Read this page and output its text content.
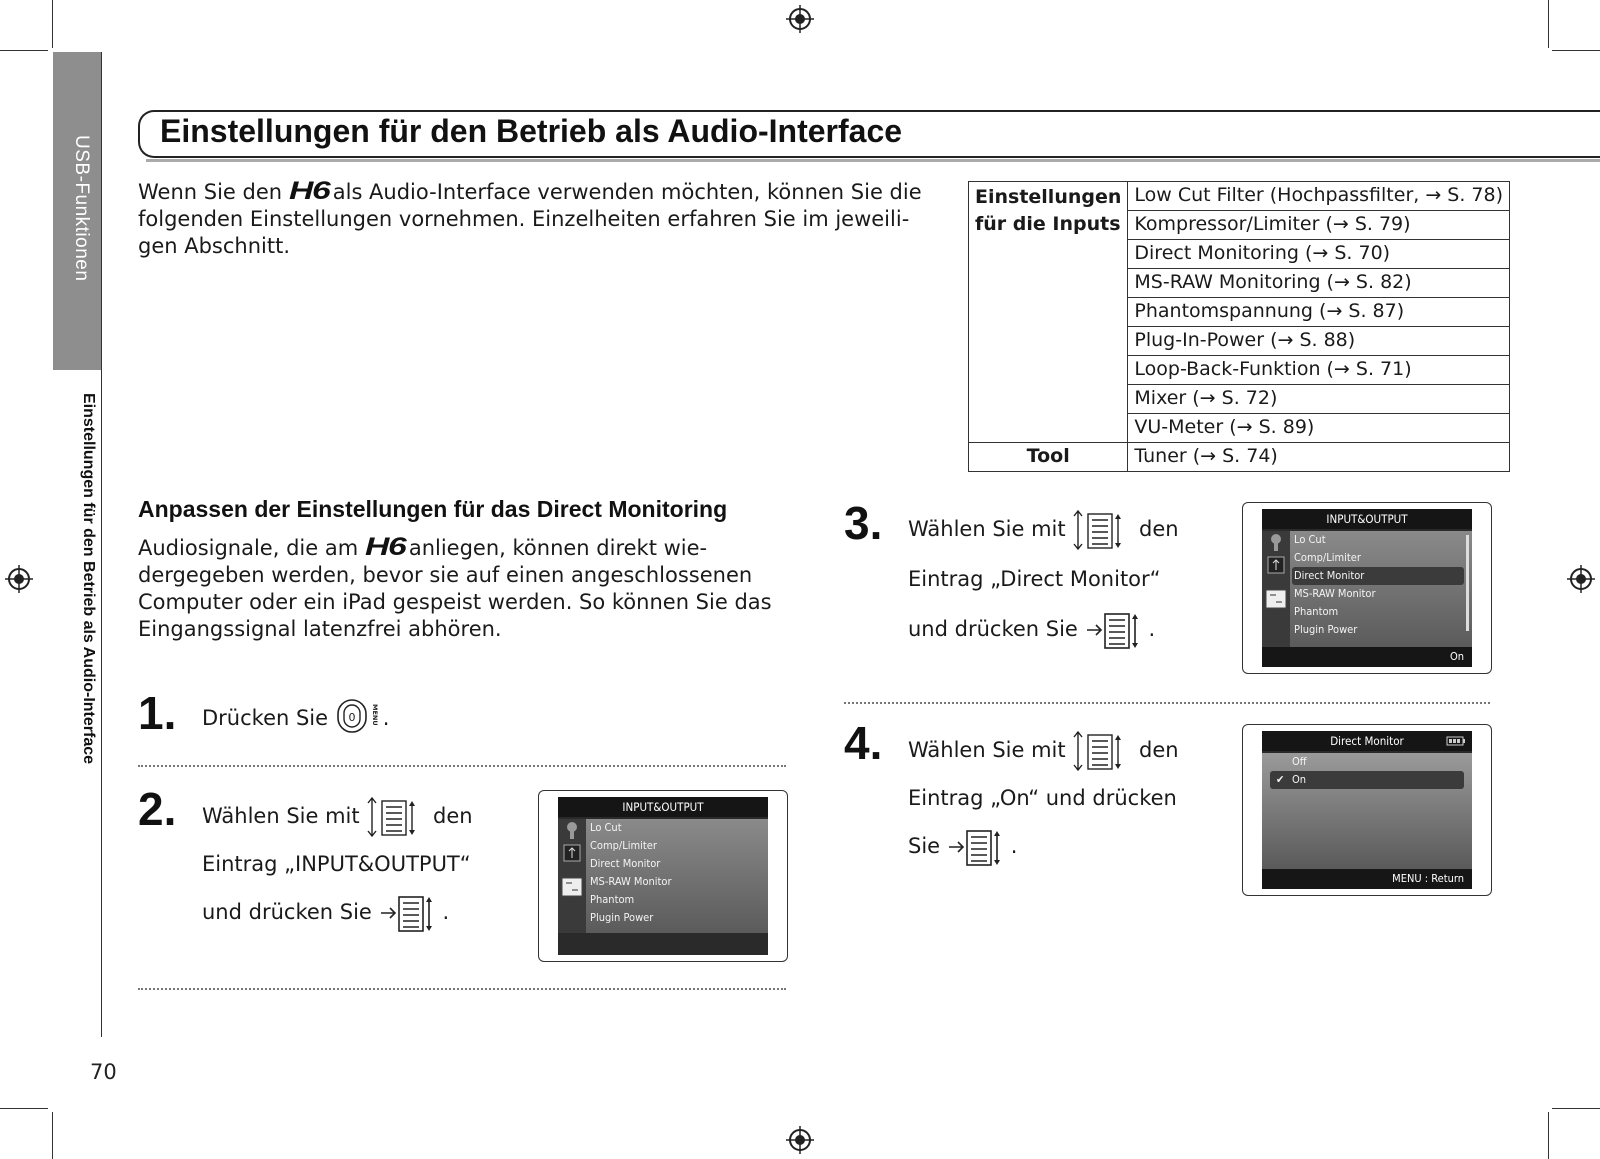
USB-Funktionen
Einstellungen für den Betrieb als Audio-Interface
Einstellungen für den Betrieb als Audio-Interface
Wenn Sie den H6 als Audio-Interface verwenden möchten, können Sie die
folgenden Einstellungen vornehmen. Einzelheiten erfahren Sie im jeweili-
gen Abschnitt.
Einstellungen
für die Inputs	Low Cut Filter (Hochpassfilter, → S. 78)
	Kompressor/Limiter (→ S. 79)
	Direct Monitoring (→ S. 70)
	MS-RAW Monitoring (→ S. 82)
	Phantomspannung (→ S. 87)
	Plug-In-Power (→ S. 88)
	Loop-Back-Funktion (→ S. 71)
	Mixer (→ S. 72)
	VU-Meter (→ S. 89)
Tool	Tuner (→ S. 74)
Anpassen der Einstellungen für das Direct Monitoring
Audiosignale, die am H6 anliegen, können direkt wie-
dergegeben werden, bevor sie auf einen angeschlossenen
Computer oder ein iPad gespeist werden. So können Sie das
Eingangssignal latenzfrei abhören.
1. Drücken Sie 0 MENU .
2. Wählen Sie mit	den
Eintrag „INPUT&OUTPUT“
und drücken Sie	.
INPUT&OUTPUT

Lo Cut
Comp/Limiter
Direct Monitor
MS-RAW Monitor
Phantom
Plugin Power
3. Wählen Sie mit	den
Eintrag „Direct Monitor“
und drücken Sie	.
INPUT&OUTPUT

Lo Cut
Comp/Limiter
Direct Monitor
MS-RAW Monitor
Phantom
Plugin Power
On
4. Wählen Sie mit	den
Eintrag „On“ und drücken
Sie	.
Direct Monitor
Off
✔ On
MENU : Return
70
